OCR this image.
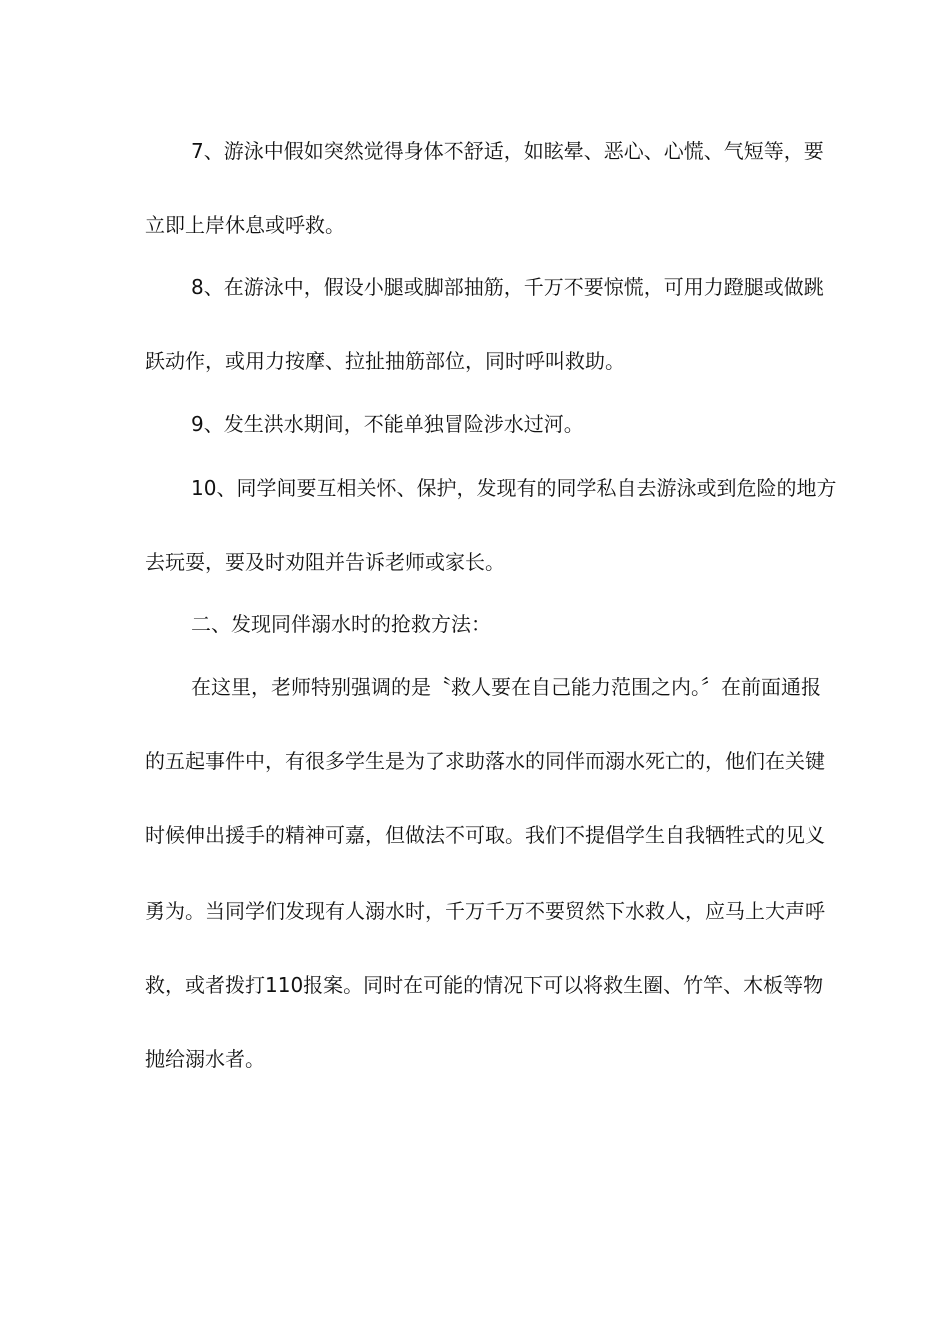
7、游泳中假如突然觉得身体不舒适，如眩晕、恶心、心慌、气短等，要
立即上岸休息或呼救。
8、在游泳中，假设小腿或脚部抽筋，千万不要惊慌，可用力蹬腿或做跳
跃动作，或用力按摩、拉扯抽筋部位，同时呼叫救助。
9、发生洪水期间，不能单独冒险涉水过河。
10、同学间要互相关怀、保护，发现有的同学私自去游泳或到危险的地方
去玩耍，要及时劝阻并告诉老师或家长。
二、发现同伴溺水时的抢救方法：
在这里，老师特别强调的是〝救人要在自己能力范围之内。〞在前面通报
的五起事件中，有很多学生是为了求助落水的同伴而溺水死亡的，他们在关键
时候伸出援手的精神可嘉，但做法不可取。我们不提倡学生自我牺牲式的见义
勇为。当同学们发现有人溺水时，千万千万不要贸然下水救人，应马上大声呼
救，或者拨打110报案。同时在可能的情况下可以将救生圈、竹竿、木板等物
抛给溺水者。
